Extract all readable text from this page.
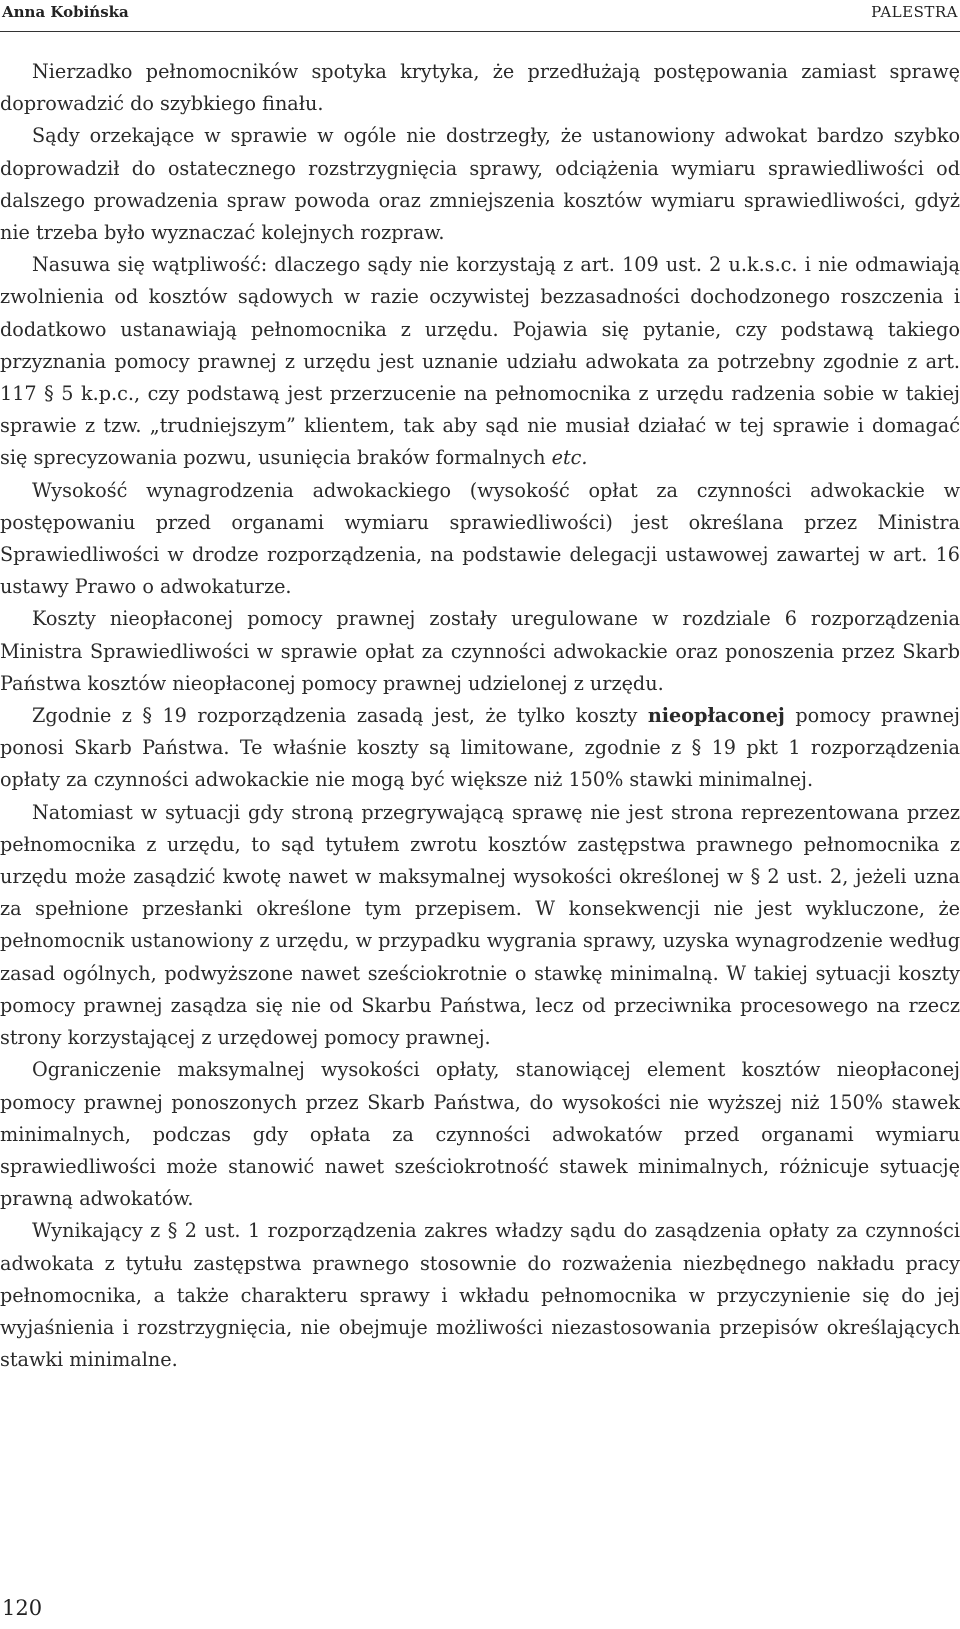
Anna Kobińska	PALESTRA

Nierzadko pełnomocników spotyka krytyka, że przedłużają postępowania zamiast sprawę doprowadzić do szybkiego finału.

Sądy orzekające w sprawie w ogóle nie dostrzegły, że ustanowiony adwokat bardzo szybko doprowadził do ostatecznego rozstrzygnięcia sprawy, odciążenia wymiaru sprawiedliwości od dalszego prowadzenia spraw powoda oraz zmniejszenia kosztów wymiaru sprawiedliwości, gdyż nie trzeba było wyznaczać kolejnych rozpraw.

Nasuwa się wątpliwość: dlaczego sądy nie korzystają z art. 109 ust. 2 u.k.s.c. i nie odmawiają zwolnienia od kosztów sądowych w razie oczywistej bezzasadności dochodzonego roszczenia i dodatkowo ustanawiają pełnomocnika z urzędu. Pojawia się pytanie, czy podstawą takiego przyznania pomocy prawnej z urzędu jest uznanie udziału adwokata za potrzebny zgodnie z art. 117 § 5 k.p.c., czy podstawą jest przerzucenie na pełnomocnika z urzędu radzenia sobie w takiej sprawie z tzw. „trudniejszym” klientem, tak aby sąd nie musiał działać w tej sprawie i domagać się sprecyzowania pozwu, usunięcia braków formalnych etc.

Wysokość wynagrodzenia adwokackiego (wysokość opłat za czynności adwokackie w postępowaniu przed organami wymiaru sprawiedliwości) jest określana przez Ministra Sprawiedliwości w drodze rozporządzenia, na podstawie delegacji ustawowej zawartej w art. 16 ustawy Prawo o adwokaturze.

Koszty nieopłaconej pomocy prawnej zostały uregulowane w rozdziale 6 rozporządzenia Ministra Sprawiedliwości w sprawie opłat za czynności adwokackie oraz ponoszenia przez Skarb Państwa kosztów nieopłaconej pomocy prawnej udzielonej z urzędu.

Zgodnie z § 19 rozporządzenia zasadą jest, że tylko koszty nieopłaconej pomocy prawnej ponosi Skarb Państwa. Te właśnie koszty są limitowane, zgodnie z § 19 pkt 1 rozporządzenia opłaty za czynności adwokackie nie mogą być większe niż 150% stawki minimalnej.

Natomiast w sytuacji gdy stroną przegrywającą sprawę nie jest strona reprezentowana przez pełnomocnika z urzędu, to sąd tytułem zwrotu kosztów zastępstwa prawnego pełnomocnika z urzędu może zasądzić kwotę nawet w maksymalnej wysokości określonej w § 2 ust. 2, jeżeli uzna za spełnione przesłanki określone tym przepisem. W konsekwencji nie jest wykluczone, że pełnomocnik ustanowiony z urzędu, w przypadku wygrania sprawy, uzyska wynagrodzenie według zasad ogólnych, podwyższone nawet sześciokrotnie o stawkę minimalną. W takiej sytuacji koszty pomocy prawnej zasądza się nie od Skarbu Państwa, lecz od przeciwnika procesowego na rzecz strony korzystającej z urzędowej pomocy prawnej.

Ograniczenie maksymalnej wysokości opłaty, stanowiącej element kosztów nieopłaconej pomocy prawnej ponoszonych przez Skarb Państwa, do wysokości nie wyższej niż 150% stawek minimalnych, podczas gdy opłata za czynności adwokatów przed organami wymiaru sprawiedliwości może stanowić nawet sześciokrotność stawek minimalnych, różnicuje sytuację prawną adwokatów.

Wynikający z § 2 ust. 1 rozporządzenia zakres władzy sądu do zasądzenia opłaty za czynności adwokata z tytułu zastępstwa prawnego stosownie do rozważenia niezbędnego nakładu pracy pełnomocnika, a także charakteru sprawy i wkładu pełnomocnika w przyczynienie się do jej wyjaśnienia i rozstrzygnięcia, nie obejmuje możliwości niezastosowania przepisów określających stawki minimalne.

120
